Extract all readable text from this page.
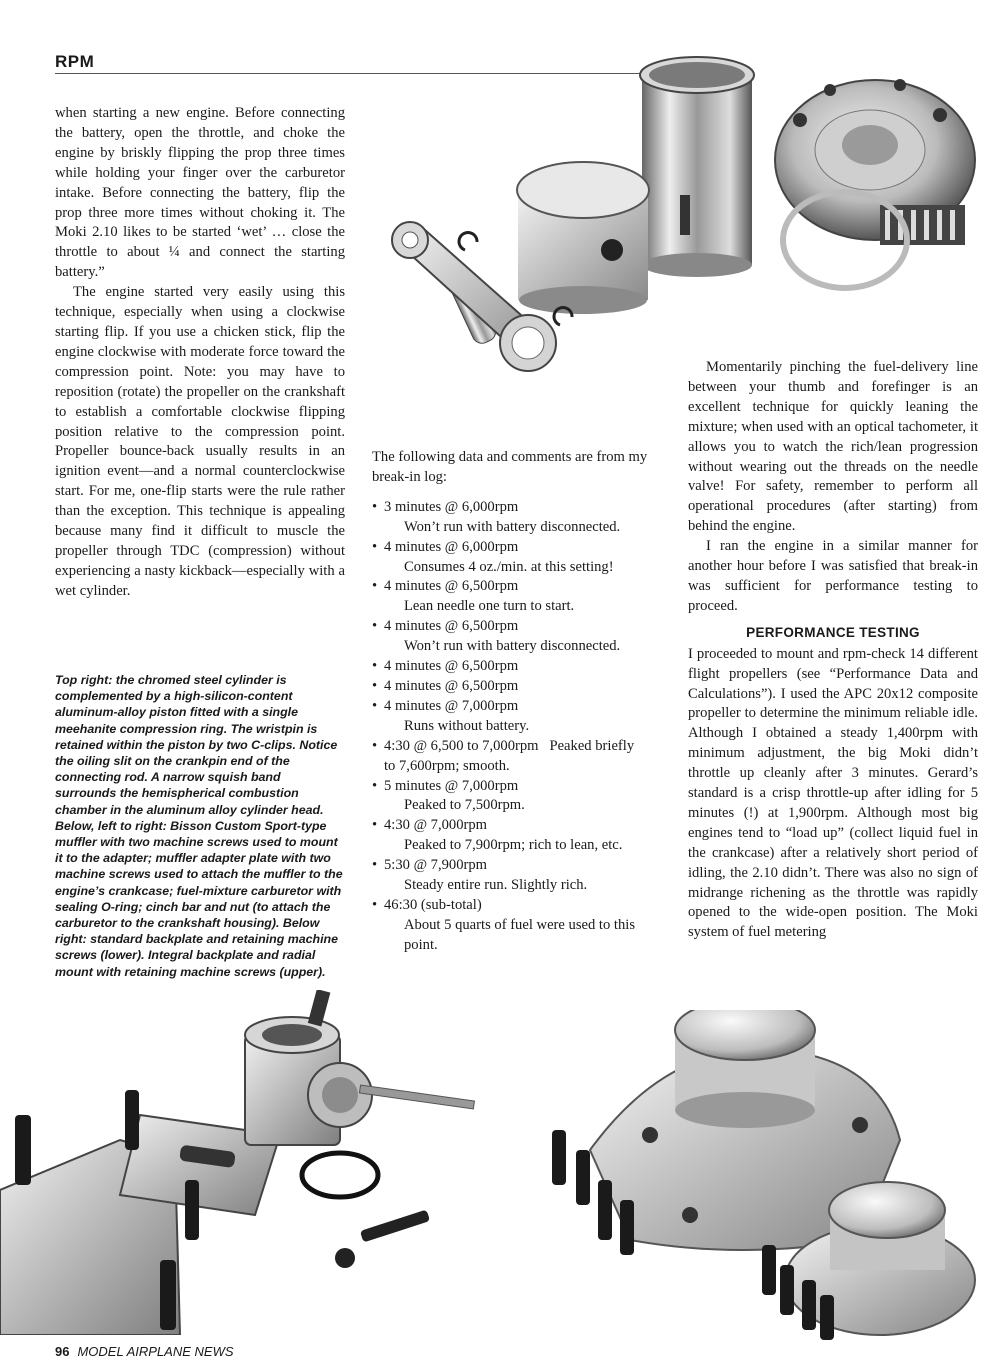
RPM

when starting a new engine. Before connecting the battery, open the throttle, and choke the engine by briskly flipping the prop three times while holding your finger over the carburetor intake. Before connecting the battery, flip the prop three more times without choking it. The Moki 2.10 likes to be started ‘wet’ … close the throttle to about ¼ and connect the starting battery.”

The engine started very easily using this technique, especially when using a clockwise starting flip. If you use a chicken stick, flip the engine clockwise with moderate force toward the compression point. Note: you may have to reposition (rotate) the propeller on the crankshaft to establish a comfortable clockwise flipping position relative to the compression point. Propeller bounce-back usually results in an ignition event—and a normal counterclockwise start. For me, one-flip starts were the rule rather than the exception. This technique is appealing because many find it difficult to muscle the propeller through TDC (compression) without experiencing a nasty kickback—especially with a wet cylinder.

Top right: the chromed steel cylinder is complemented by a high-silicon-content aluminum-alloy piston fitted with a single meehanite compression ring. The wristpin is retained within the piston by two C-clips. Notice the oiling slit on the crankpin end of the connecting rod. A narrow squish band surrounds the hemispherical combustion chamber in the aluminum alloy cylinder head. Below, left to right: Bisson Custom Sport-type muffler with two machine screws used to mount it to the adapter; muffler adapter plate with two machine screws used to attach the muffler to the engine’s crankcase; fuel-mixture carburetor with sealing O-ring; cinch bar and nut (to attach the carburetor to the crankshaft housing). Below right: standard backplate and retaining machine screws (lower). Integral backplate and radial mount with retaining machine screws (upper).
The following data and comments are from my break-in log:
• 3 minutes @ 6,000rpm
Won’t run with battery disconnected.
• 4 minutes @ 6,000rpm
Consumes 4 oz./min. at this setting!
• 4 minutes @ 6,500rpm
Lean needle one turn to start.
• 4 minutes @ 6,500rpm
Won’t run with battery disconnected.
• 4 minutes @ 6,500rpm
• 4 minutes @ 6,500rpm
• 4 minutes @ 7,000rpm
Runs without battery.
• 4:30 @ 6,500 to 7,000rpm   Peaked briefly
to 7,600rpm; smooth.
• 5 minutes @ 7,000rpm
Peaked to 7,500rpm.
• 4:30 @ 7,000rpm
Peaked to 7,900rpm; rich to lean, etc.
• 5:30 @ 7,900rpm
Steady entire run. Slightly rich.
• 46:30 (sub-total)
About 5 quarts of fuel were used to this point.

Momentarily pinching the fuel-delivery line between your thumb and forefinger is an excellent technique for quickly leaning the mixture; when used with an optical tachometer, it allows you to watch the rich/lean progression without wearing out the threads on the needle valve! For safety, remember to perform all operational procedures (after starting) from behind the engine.

I ran the engine in a similar manner for another hour before I was satisfied that break-in was sufficient for performance testing to proceed.

PERFORMANCE TESTING

I proceeded to mount and rpm-check 14 different flight propellers (see “Performance Data and Calculations”). I used the APC 20x12 composite propeller to determine the minimum reliable idle. Although I obtained a steady 1,400rpm with minimum adjustment, the big Moki didn’t throttle up cleanly after 3 minutes. Gerard’s standard is a crisp throttle-up after idling for 5 minutes (!) at 1,900rpm. Although most big engines tend to “load up” (collect liquid fuel in the crankcase) after a relatively short period of idling, the 2.10 didn’t. There was also no sign of midrange richening as the throttle was rapidly opened to the wide-open position. The Moki system of fuel metering

96 MODEL AIRPLANE NEWS
